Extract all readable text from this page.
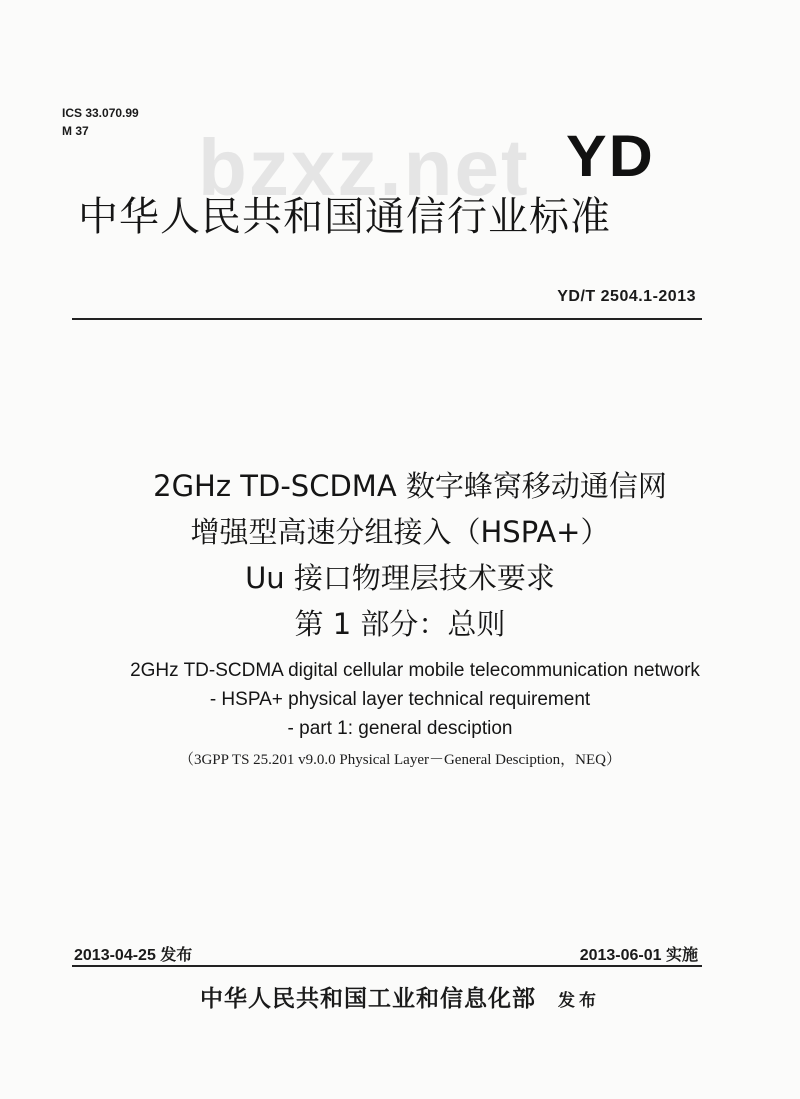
ICS 33.070.99
M 37	bzxz.net YD
中华人民共和国通信行业标准
YD/T 2504.1-2013
2GHz TD-SCDMA 数字蜂窝移动通信网
增强型高速分组接入（HSPA+）
Uu 接口物理层技术要求
第 1 部分：总则
2GHz TD-SCDMA digital cellular mobile telecommunication network
- HSPA+ physical layer technical requirement
- part 1: general desciption
（3GPP TS 25.201 v9.0.0 Physical Layer－General Desciption，NEQ）
2013-04-25 发布	2013-06-01 实施
中华人民共和国工业和信息化部 发布
